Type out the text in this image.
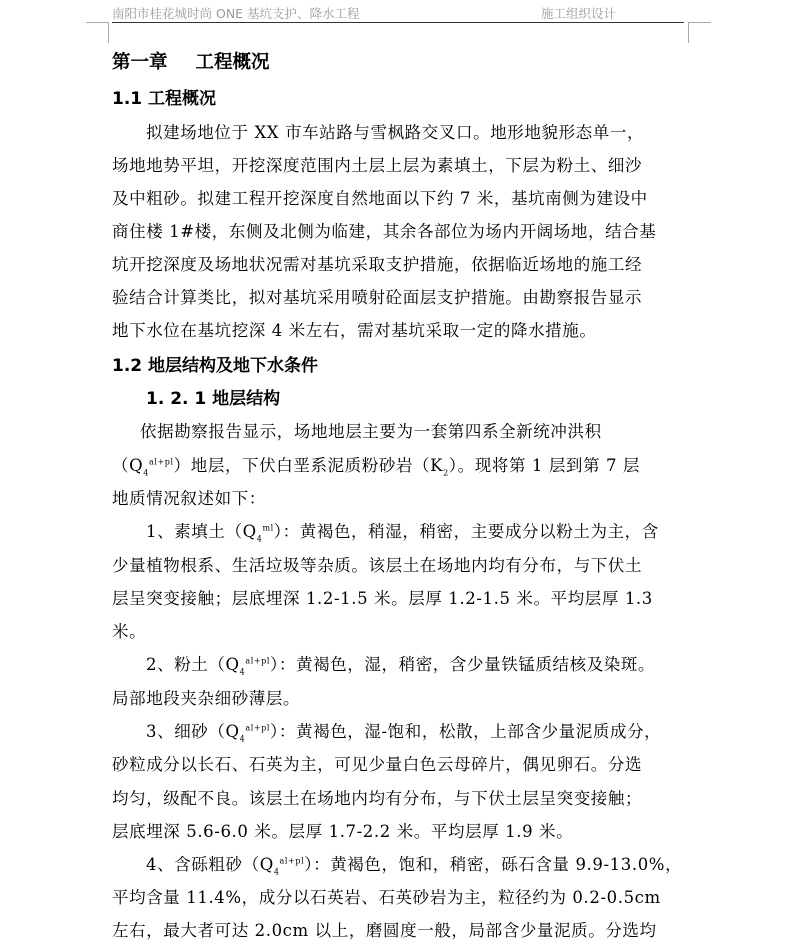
南阳市桂花城时尚 ONE 基坑支护、降水工程	施工组织设计
第一章 工程概况
1.1 工程概况
拟建场地位于 XX 市车站路与雪枫路交叉口。地形地貌形态单一，
场地地势平坦，开挖深度范围内土层上层为素填土，下层为粉土、细沙
及中粗砂。拟建工程开挖深度自然地面以下约 7 米，基坑南侧为建设中
商住楼 1#楼，东侧及北侧为临建，其余各部位为场内开阔场地，结合基
坑开挖深度及场地状况需对基坑采取支护措施，依据临近场地的施工经
验结合计算类比，拟对基坑采用喷射砼面层支护措施。由勘察报告显示
地下水位在基坑挖深 4 米左右，需对基坑采取一定的降水措施。
1.2 地层结构及地下水条件
1. 2. 1 地层结构
依据勘察报告显示，场地地层主要为一套第四系全新统冲洪积
$(Q_4^{al+pl})$地层，下伏白垩系泥质粉砂岩$(K_2)$。现将第 1 层到第 7 层
地质情况叙述如下：
1、素填土$(Q_4^{ml})$：黄褐色，稍湿，稍密，主要成分以粉土为主，含
少量植物根系、生活垃圾等杂质。该层土在场地内均有分布，与下伏土
层呈突变接触；层底埋深 1.2-1.5 米。层厚 1.2-1.5 米。平均层厚 1.3
米。
2、粉土$(Q_4^{al+pl})$：黄褐色，湿，稍密，含少量铁锰质结核及染斑。
局部地段夹杂细砂薄层。
3、细砂$(Q_4^{al+pl})$：黄褐色，湿-饱和，松散，上部含少量泥质成分，
砂粒成分以长石、石英为主，可见少量白色云母碎片，偶见卵石。分选
均匀，级配不良。该层土在场地内均有分布，与下伏土层呈突变接触；
层底埋深 5.6-6.0 米。层厚 1.7-2.2 米。平均层厚 1.9 米。
4、含砾粗砂$(Q_4^{al+pl})$：黄褐色，饱和，稍密，砾石含量 9.9-13.0%，
平均含量 11.4%，成分以石英岩、石英砂岩为主，粒径约为 0.2-0.5cm
左右，最大者可达 2.0cm 以上，磨圆度一般，局部含少量泥质。分选均
